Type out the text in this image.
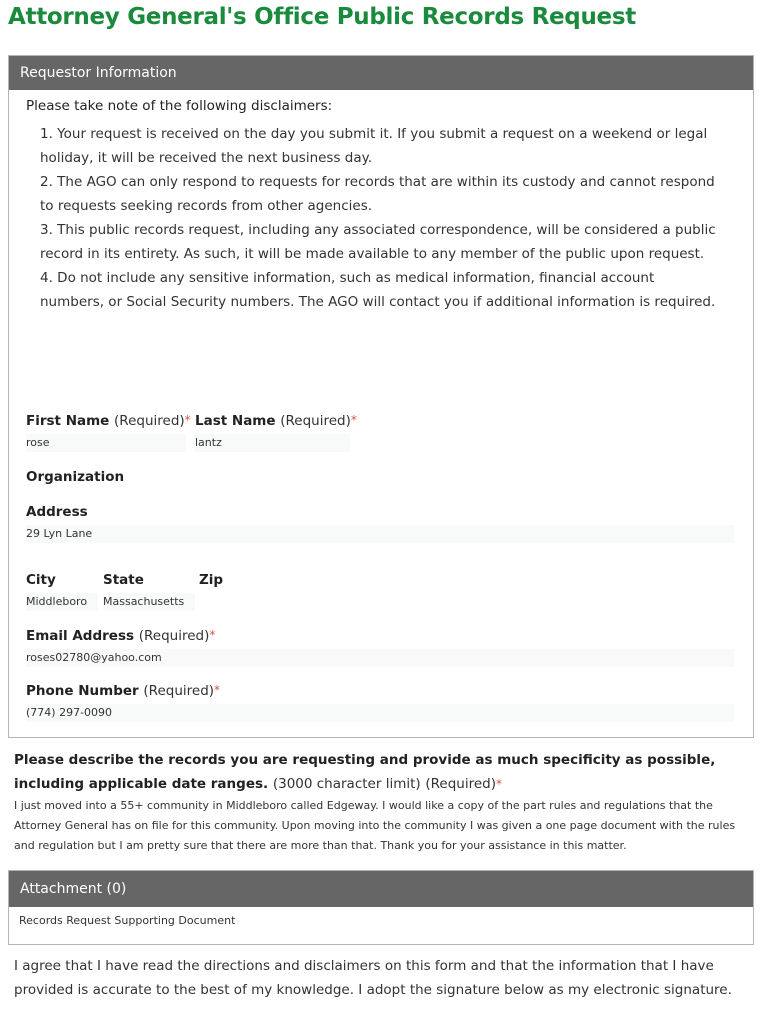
Attorney General's Office Public Records Request
Requestor Information
Please take note of the following disclaimers:
1. Your request is received on the day you submit it. If you submit a request on a weekend or legal holiday, it will be received the next business day.
2. The AGO can only respond to requests for records that are within its custody and cannot respond to requests seeking records from other agencies.
3. This public records request, including any associated correspondence, will be considered a public record in its entirety. As such, it will be made available to any member of the public upon request.
4. Do not include any sensitive information, such as medical information, financial account numbers, or Social Security numbers. The AGO will contact you if additional information is required.
First Name (Required)*
rose
Last Name (Required)*
lantz
Organization
Address
29 Lyn Lane
City
Middleboro
State
Massachusetts
Zip
Email Address (Required)*
roses02780@yahoo.com
Phone Number (Required)*
(774) 297-0090
Please describe the records you are requesting and provide as much specificity as possible, including applicable date ranges. (3000 character limit) (Required)*
I just moved into a 55+ community in Middleboro called Edgeway. I would like a copy of the part rules and regulations that the Attorney General has on file for this community. Upon moving into the community I was given a one page document with the rules and regulation but I am pretty sure that there are more than that. Thank you for your assistance in this matter.
Attachment (0)
Records Request Supporting Document
I agree that I have read the directions and disclaimers on this form and that the information that I have provided is accurate to the best of my knowledge. I adopt the signature below as my electronic signature.
